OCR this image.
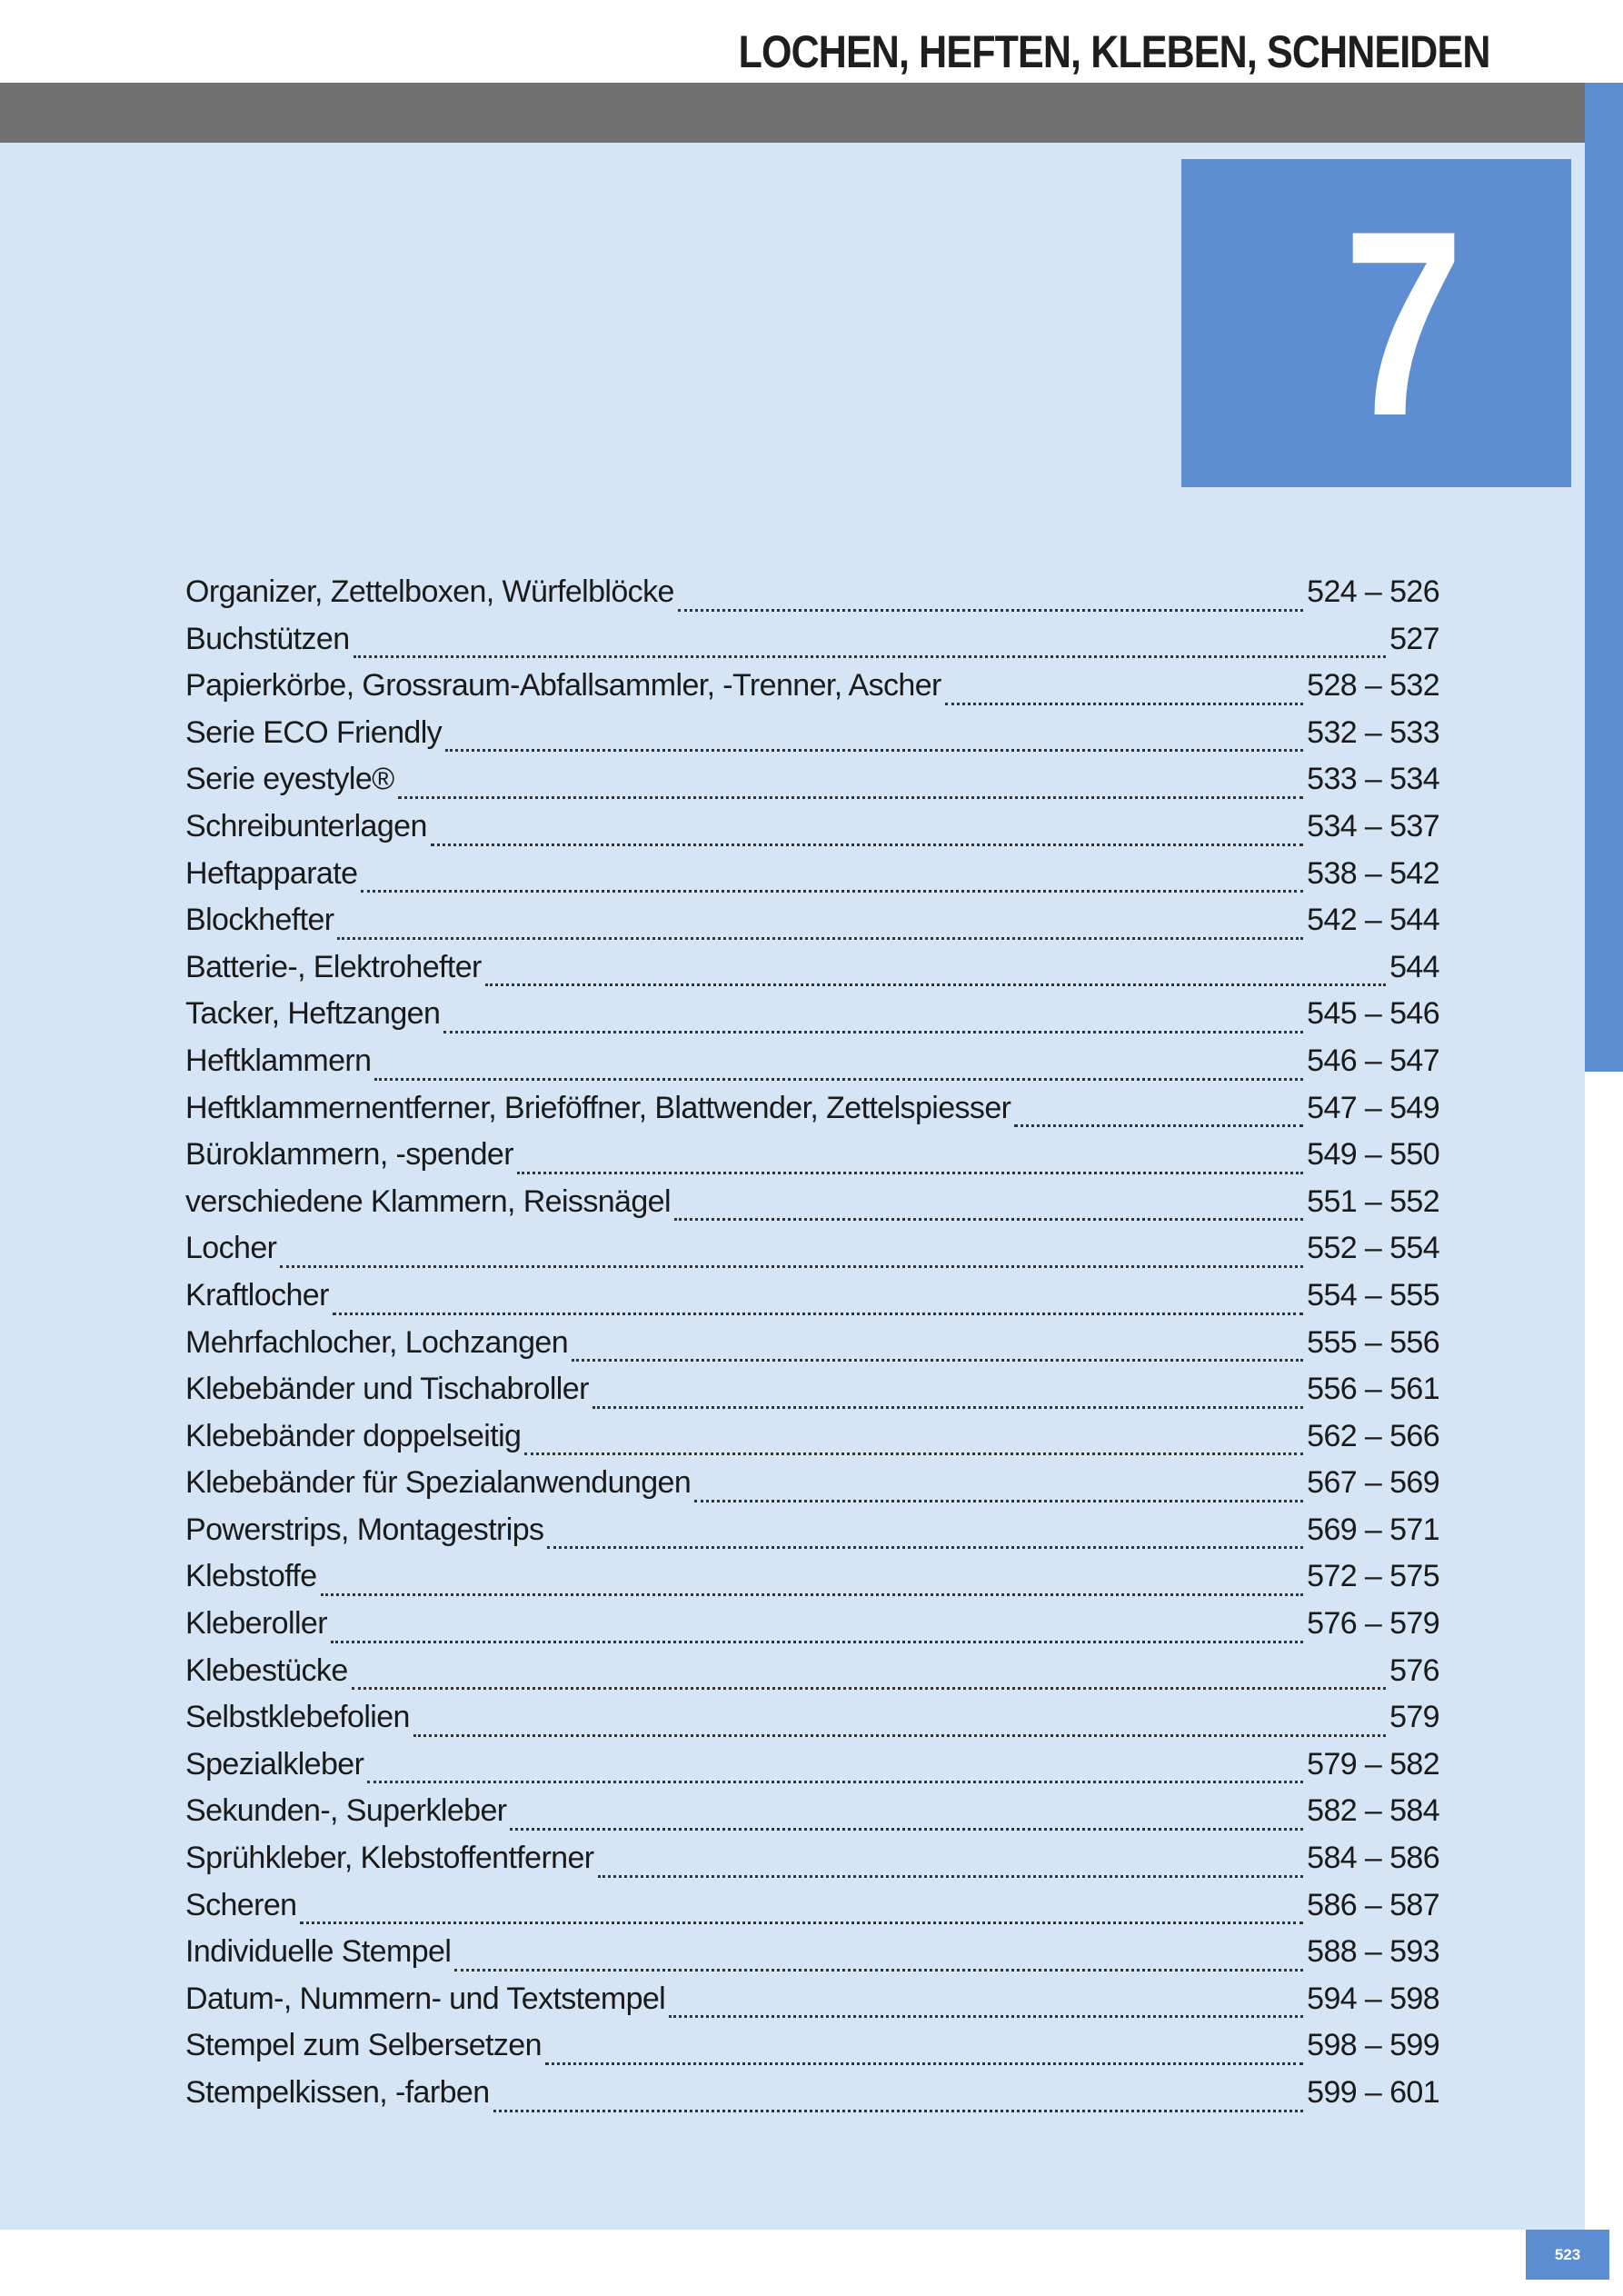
LOCHEN, HEFTEN, KLEBEN, SCHNEIDEN
7
Organizer, Zettelboxen, Würfelblöcke	524 – 526
Buchstützen	527
Papierkörbe, Grossraum-Abfallsammler, -Trenner, Ascher	528 – 532
Serie ECO Friendly	532 – 533
Serie eyestyle®	533 – 534
Schreibunterlagen	534 – 537
Heftapparate	538 – 542
Blockhefter	542 – 544
Batterie-, Elektrohefter	544
Tacker, Heftzangen	545 – 546
Heftklammern	546 – 547
Heftklammernentferner, Brieföffner, Blattwender, Zettelspiesser	547 – 549
Büroklammern, -spender	549 – 550
verschiedene Klammern, Reissnägel	551 – 552
Locher	552 – 554
Kraftlocher	554 – 555
Mehrfachlocher, Lochzangen	555 – 556
Klebebänder und Tischabroller	556 – 561
Klebebänder doppelseitig	562 – 566
Klebebänder für Spezialanwendungen	567 – 569
Powerstrips, Montagestrips	569 – 571
Klebstoffe	572 – 575
Kleberoller	576 – 579
Klebestücke	576
Selbstklebefolien	579
Spezialkleber	579 – 582
Sekunden-, Superkleber	582 – 584
Sprühkleber, Klebstoffentferner	584 – 586
Scheren	586 – 587
Individuelle Stempel	588 – 593
Datum-, Nummern- und Textstempel	594 – 598
Stempel zum Selbersetzen	598 – 599
Stempelkissen, -farben	599 – 601
523
